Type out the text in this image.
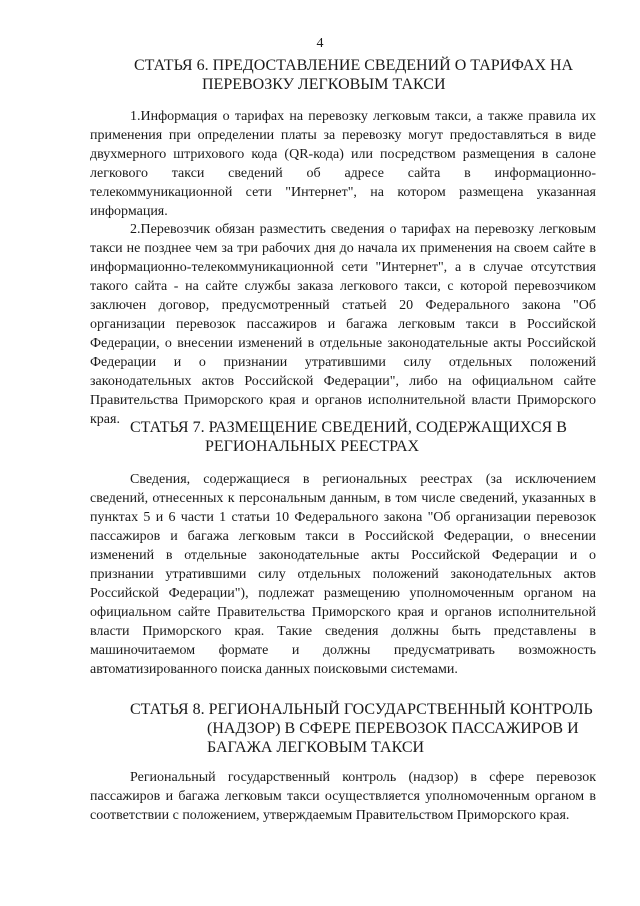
4
СТАТЬЯ 6. ПРЕДОСТАВЛЕНИЕ СВЕДЕНИЙ О ТАРИФАХ НА
ПЕРЕВОЗКУ ЛЕГКОВЫМ ТАКСИ

1.Информация о тарифах на перевозку легковым такси, а также правила их применения при определении платы за перевозку могут предоставляться в виде двухмерного штрихового кода (QR-кода) или посредством размещения в салоне легкового такси сведений об адресе сайта в информационно-телекоммуникационной сети "Интернет", на котором размещена указанная информация.

2.Перевозчик обязан разместить сведения о тарифах на перевозку легковым такси не позднее чем за три рабочих дня до начала их применения на своем сайте в информационно-телекоммуникационной сети "Интернет", а в случае отсутствия такого сайта - на сайте службы заказа легкового такси, с которой перевозчиком заключен договор, предусмотренный статьей 20 Федерального закона "Об организации перевозок пассажиров и багажа легковым такси в Российской Федерации, о внесении изменений в отдельные законодательные акты Российской Федерации и о признании утратившими силу отдельных положений законодательных актов Российской Федерации", либо на официальном сайте Правительства Приморского края и органов исполнительной власти Приморского края. СТАТЬЯ 7. РАЗМЕЩЕНИЕ СВЕДЕНИЙ, СОДЕРЖАЩИХСЯ В
РЕГИОНАЛЬНЫХ РЕЕСТРАХ

Сведения, содержащиеся в региональных реестрах (за исключением сведений, отнесенных к персональным данным, в том числе сведений, указанных в пунктах 5 и 6 части 1 статьи 10 Федерального закона "Об организации перевозок пассажиров и багажа легковым такси в Российской Федерации, о внесении изменений в отдельные законодательные акты Российской Федерации и о признании утратившими силу отдельных положений законодательных актов Российской Федерации"), подлежат размещению уполномоченным органом на официальном сайте Правительства Приморского края и органов исполнительной власти Приморского края. Такие сведения должны быть представлены в машиночитаемом формате и должны предусматривать возможность автоматизированного поиска данных поисковыми системами.

СТАТЬЯ 8. РЕГИОНАЛЬНЫЙ ГОСУДАРСТВЕННЫЙ КОНТРОЛЬ
(НАДЗОР) В СФЕРЕ ПЕРЕВОЗОК ПАССАЖИРОВ И
БАГАЖА ЛЕГКОВЫМ ТАКСИ

Региональный государственный контроль (надзор) в сфере перевозок пассажиров и багажа легковым такси осуществляется уполномоченным органом в соответствии с положением, утверждаемым Правительством Приморского края.
